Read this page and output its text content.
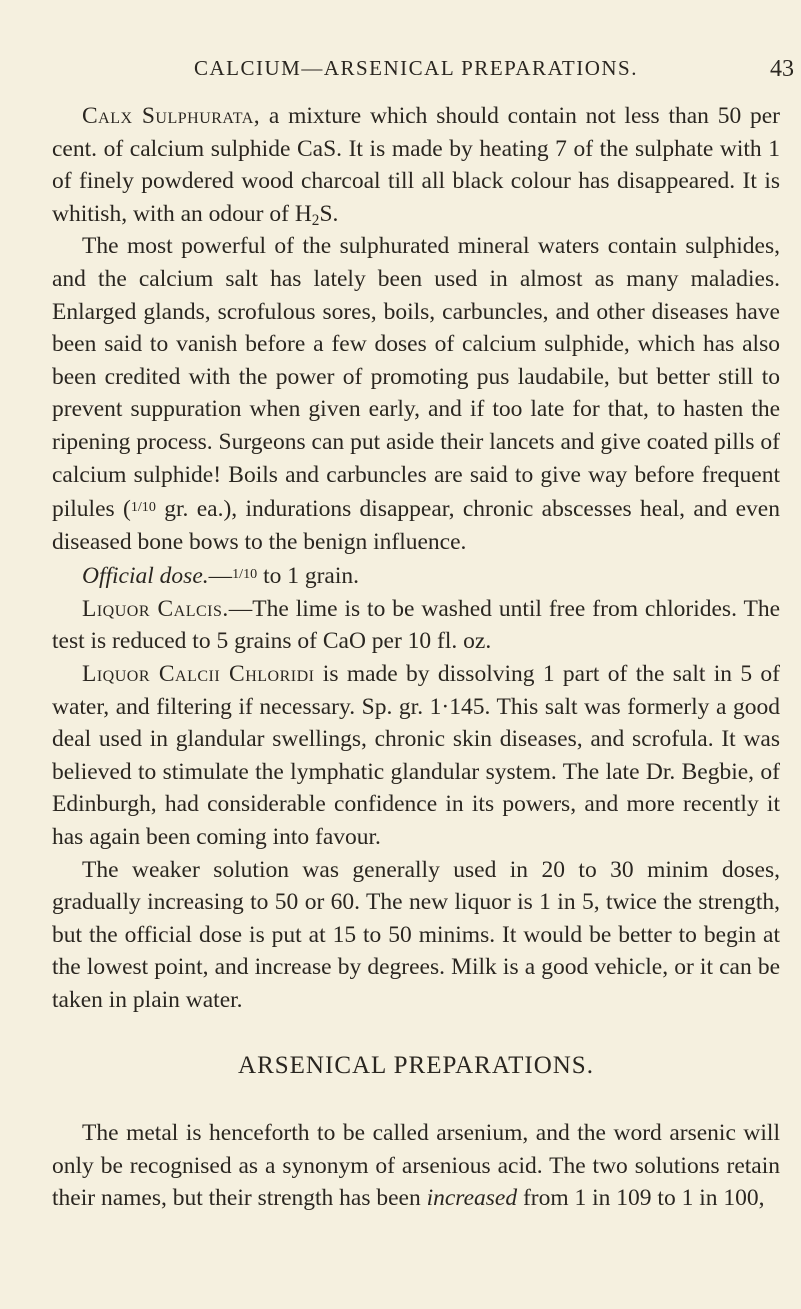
CALCIUM—ARSENICAL PREPARATIONS.	43

Calx Sulphurata, a mixture which should contain not less than 50 per cent. of calcium sulphide CaS. It is made by heating 7 of the sulphate with 1 of finely powdered wood charcoal till all black colour has disappeared. It is whitish, with an odour of $H_2S$.

The most powerful of the sulphurated mineral waters contain sulphides, and the calcium salt has lately been used in almost as many maladies. Enlarged glands, scrofulous sores, boils, carbuncles, and other diseases have been said to vanish before a few doses of calcium sulphide, which has also been credited with the power of promoting pus laudabile, but better still to prevent suppuration when given early, and if too late for that, to hasten the ripening process. Surgeons can put aside their lancets and give coated pills of calcium sulphide! Boils and carbuncles are said to give way before frequent pilules ($^{1/10}$ gr. ea.), indurations disappear, chronic abscesses heal, and even diseased bone bows to the benign influence.

Official dose.—$^{1/10}$ to 1 grain.

Liquor Calcis.—The lime is to be washed until free from chlorides. The test is reduced to 5 grains of CaO per 10 fl. oz.

Liquor Calcii Chloridi is made by dissolving 1 part of the salt in 5 of water, and filtering if necessary. Sp. gr. 1·145. This salt was formerly a good deal used in glandular swellings, chronic skin diseases, and scrofula. It was believed to stimulate the lymphatic glandular system. The late Dr. Begbie, of Edinburgh, had considerable confidence in its powers, and more recently it has again been coming into favour.

The weaker solution was generally used in 20 to 30 minim doses, gradually increasing to 50 or 60. The new liquor is 1 in 5, twice the strength, but the official dose is put at 15 to 50 minims. It would be better to begin at the lowest point, and increase by degrees. Milk is a good vehicle, or it can be taken in plain water.

ARSENICAL PREPARATIONS.

The metal is henceforth to be called arsenium, and the word arsenic will only be recognised as a synonym of arsenious acid. The two solutions retain their names, but their strength has been increased from 1 in 109 to 1 in 100,
